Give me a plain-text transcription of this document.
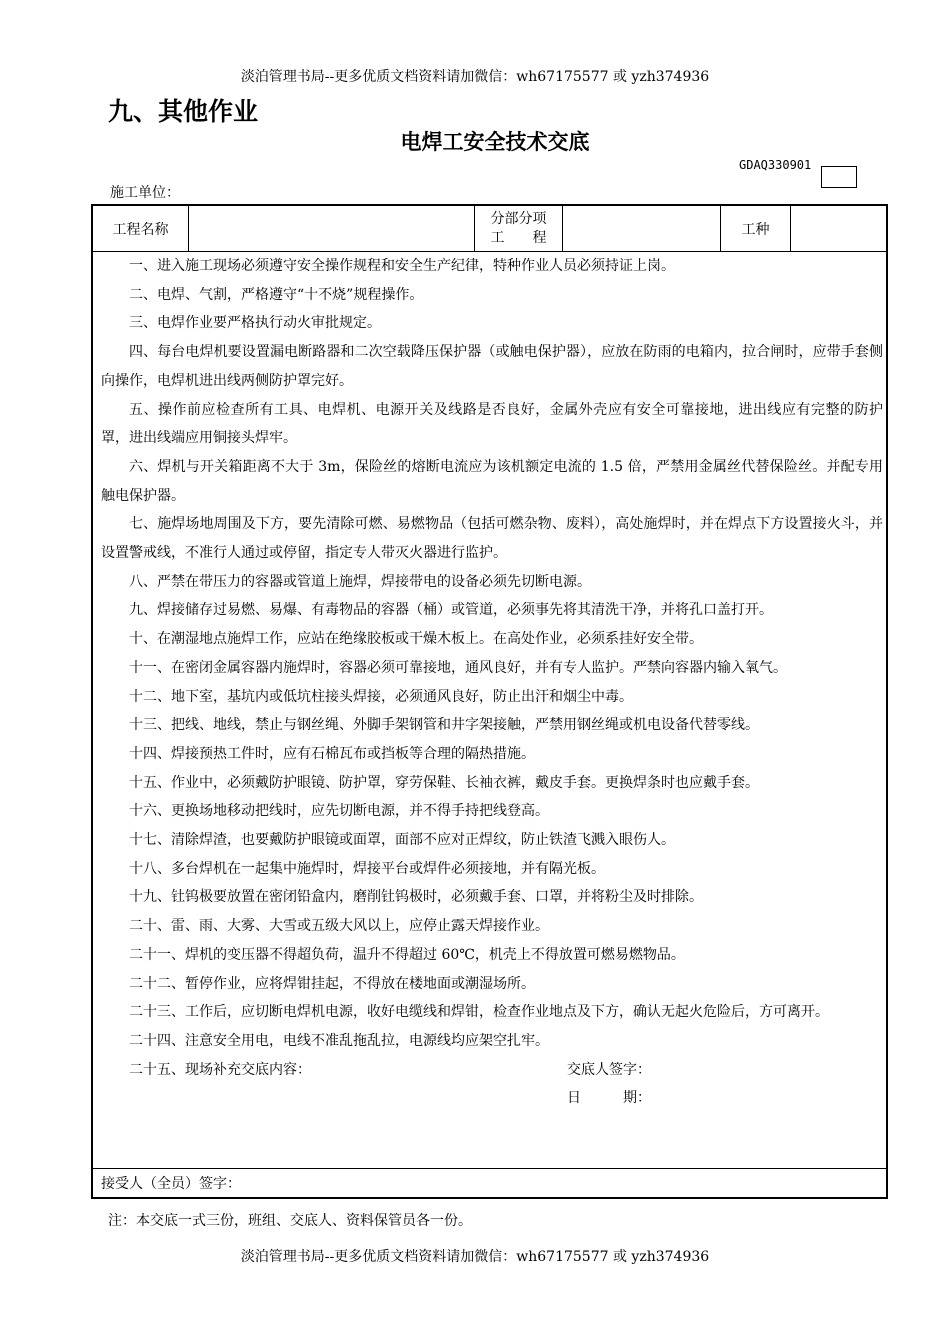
淡泊管理书局--更多优质文档资料请加微信：wh67175577 或 yzh374936
九、其他作业
电焊工安全技术交底
GDAQ330901
施工单位：
工程名称
分部分项
工　　程	工种

一、进入施工现场必须遵守安全操作规程和安全生产纪律，特种作业人员必须持证上岗。

二、电焊、气割，严格遵守“十不烧”规程操作。

三、电焊作业要严格执行动火审批规定。

四、每台电焊机要设置漏电断路器和二次空载降压保护器（或触电保护器），应放在防雨的电箱内，拉合闸时，应带手套侧向操作，电焊机进出线两侧防护罩完好。

五、操作前应检查所有工具、电焊机、电源开关及线路是否良好，金属外壳应有安全可靠接地，进出线应有完整的防护罩，进出线端应用铜接头焊牢。

六、焊机与开关箱距离不大于 3m，保险丝的熔断电流应为该机额定电流的 1.5 倍，严禁用金属丝代替保险丝。并配专用触电保护器。

七、施焊场地周围及下方，要先清除可燃、易燃物品（包括可燃杂物、废料），高处施焊时，并在焊点下方设置接火斗，并设置警戒线，不准行人通过或停留，指定专人带灭火器进行监护。

八、严禁在带压力的容器或管道上施焊，焊接带电的设备必须先切断电源。

九、焊接储存过易燃、易爆、有毒物品的容器（桶）或管道，必须事先将其清洗干净，并将孔口盖打开。

十、在潮湿地点施焊工作，应站在绝缘胶板或干燥木板上。在高处作业，必须系挂好安全带。

十一、在密闭金属容器内施焊时，容器必须可靠接地，通风良好，并有专人监护。严禁向容器内输入氧气。

十二、地下室，基坑内或低坑柱接头焊接，必须通风良好，防止出汗和烟尘中毒。

十三、把线、地线，禁止与钢丝绳、外脚手架钢管和井字架接触，严禁用钢丝绳或机电设备代替零线。

十四、焊接预热工件时，应有石棉瓦布或挡板等合理的隔热措施。

十五、作业中，必须戴防护眼镜、防护罩，穿劳保鞋、长袖衣裤，戴皮手套。更换焊条时也应戴手套。

十六、更换场地移动把线时，应先切断电源，并不得手持把线登高。

十七、清除焊渣，也要戴防护眼镜或面罩，面部不应对正焊纹，防止铁渣飞溅入眼伤人。

十八、多台焊机在一起集中施焊时，焊接平台或焊件必须接地，并有隔光板。

十九、钍钨极要放置在密闭铅盒内，磨削钍钨极时，必须戴手套、口罩，并将粉尘及时排除。

二十、雷、雨、大雾、大雪或五级大风以上，应停止露天焊接作业。

二十一、焊机的变压器不得超负荷，温升不得超过 60℃，机壳上不得放置可燃易燃物品。

二十二、暂停作业，应将焊钳挂起，不得放在楼地面或潮湿场所。

二十三、工作后，应切断电焊机电源，收好电缆线和焊钳，检查作业地点及下方，确认无起火危险后，方可离开。

二十四、注意安全用电，电线不准乱拖乱拉，电源线均应架空扎牢。

二十五、现场补充交底内容：	交底人签字：
日　　　期：
接受人（全员）签字：
注：本交底一式三份，班组、交底人、资料保管员各一份。
淡泊管理书局--更多优质文档资料请加微信：wh67175577 或 yzh374936
